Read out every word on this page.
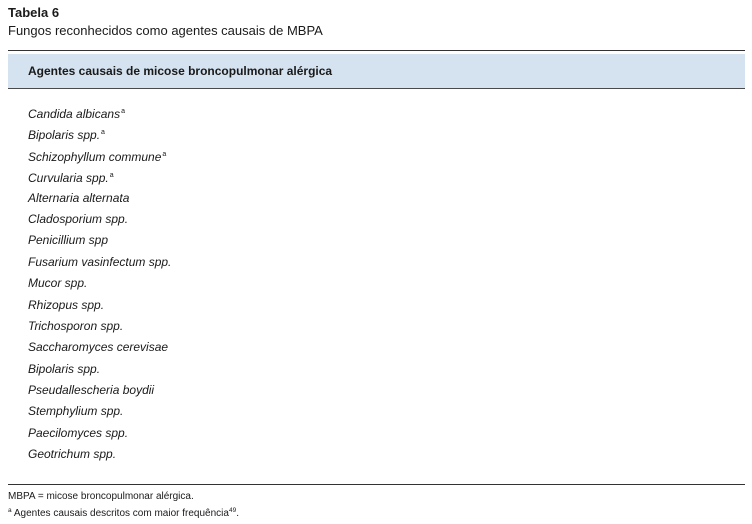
Tabela 6
Fungos reconhecidos como agentes causais de MBPA
Agentes causais de micose broncopulmonar alérgica
Candida albicans$^a$
Bipolaris spp.$^a$
Schizophyllum commune$^a$
Curvularia spp.$^a$
Alternaria alternata
Cladosporium spp.
Penicillium spp
Fusarium vasinfectum spp.
Mucor spp.
Rhizopus spp.
Trichosporon spp.
Saccharomyces cerevisae
Bipolaris spp.
Pseudallescheria boydii
Stemphylium spp.
Paecilomyces spp.
Geotrichum spp.
MBPA = micose broncopulmonar alérgica.
$^a$ Agentes causais descritos com maior frequência$^{49}$.
